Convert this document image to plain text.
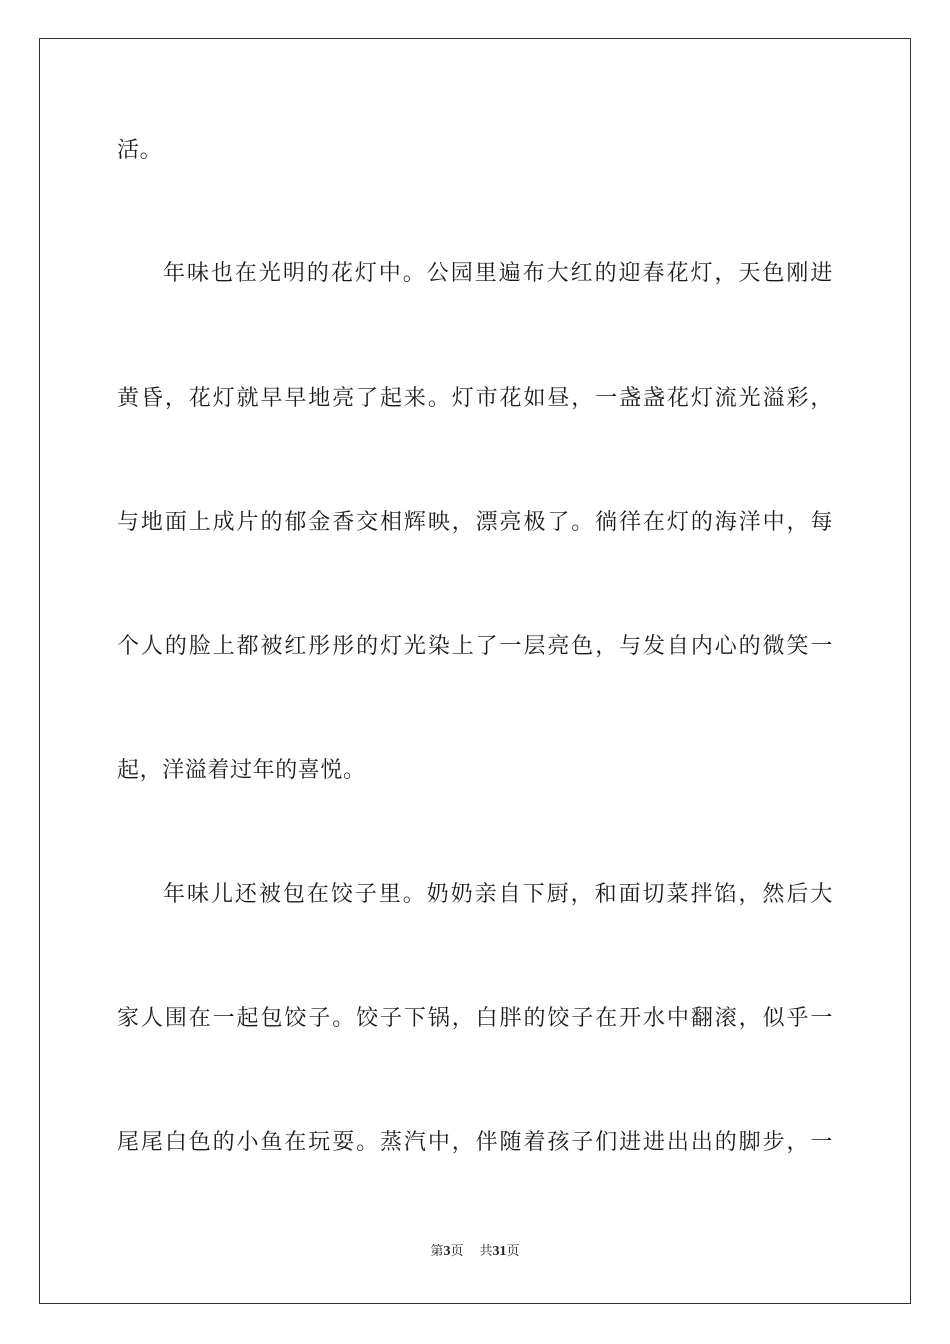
活。
年味也在光明的花灯中。公园里遍布大红的迎春花灯，天色刚进
黄昏，花灯就早早地亮了起来。灯市花如昼，一盏盏花灯流光溢彩，
与地面上成片的郁金香交相辉映，漂亮极了。徜徉在灯的海洋中，每
个人的脸上都被红彤彤的灯光染上了一层亮色，与发自内心的微笑一
起，洋溢着过年的喜悦。
年味儿还被包在饺子里。奶奶亲自下厨，和面切菜拌馅，然后大
家人围在一起包饺子。饺子下锅，白胖的饺子在开水中翻滚，似乎一
尾尾白色的小鱼在玩耍。蒸汽中，伴随着孩子们进进出出的脚步，一
第3页 共31页
